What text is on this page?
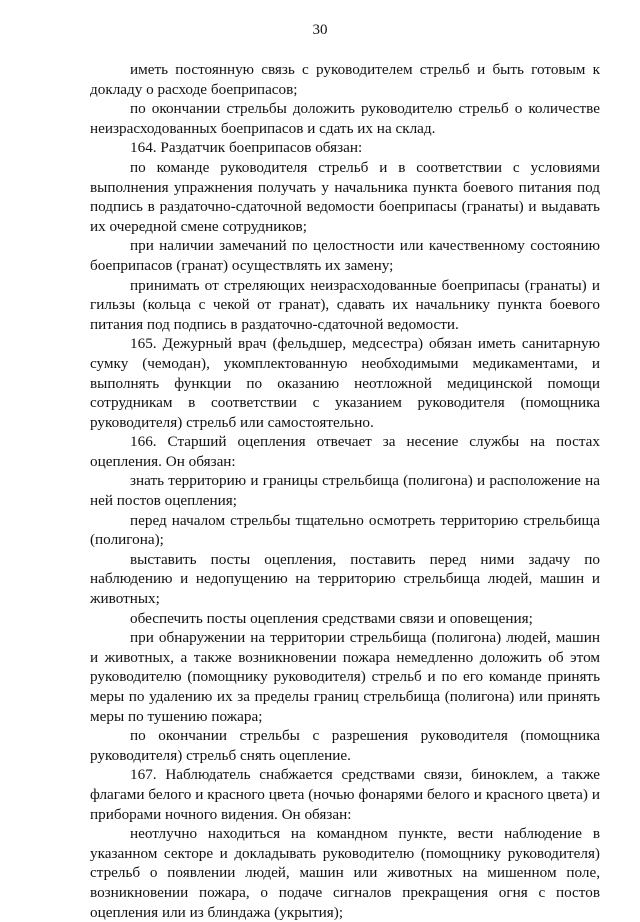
30

иметь постоянную связь с руководителем стрельб и быть готовым к докладу о расходе боеприпасов;

по окончании стрельбы доложить руководителю стрельб о количестве неизрасходованных боеприпасов и сдать их на склад.

164. Раздатчик боеприпасов обязан:

по команде руководителя стрельб и в соответствии с условиями выполнения упражнения получать у начальника пункта боевого питания под подпись в раздаточно-сдаточной ведомости боеприпасы (гранаты) и выдавать их очередной смене сотрудников;

при наличии замечаний по целостности или качественному состоянию боеприпасов (гранат) осуществлять их замену;

принимать от стреляющих неизрасходованные боеприпасы (гранаты) и гильзы (кольца с чекой от гранат), сдавать их начальнику пункта боевого питания под подпись в раздаточно-сдаточной ведомости.

165. Дежурный врач (фельдшер, медсестра) обязан иметь санитарную сумку (чемодан), укомплектованную необходимыми медикаментами, и выполнять функции по оказанию неотложной медицинской помощи сотрудникам в соответствии с указанием руководителя (помощника руководителя) стрельб или самостоятельно.

166. Старший оцепления отвечает за несение службы на постах оцепления. Он обязан:

знать территорию и границы стрельбища (полигона) и расположение на ней постов оцепления;

перед началом стрельбы тщательно осмотреть территорию стрельбища (полигона);

выставить посты оцепления, поставить перед ними задачу по наблюдению и недопущению на территорию стрельбища людей, машин и животных;

обеспечить посты оцепления средствами связи и оповещения;

при обнаружении на территории стрельбища (полигона) людей, машин и животных, а также возникновении пожара немедленно доложить об этом руководителю (помощнику руководителя) стрельб и по его команде принять меры по удалению их за пределы границ стрельбища (полигона) или принять меры по тушению пожара;

по окончании стрельбы с разрешения руководителя (помощника руководителя) стрельб снять оцепление.

167. Наблюдатель снабжается средствами связи, биноклем, а также флагами белого и красного цвета (ночью фонарями белого и красного цвета) и приборами ночного видения. Он обязан:

неотлучно находиться на командном пункте, вести наблюдение в указанном секторе и докладывать руководителю (помощнику руководителя) стрельб о появлении людей, машин или животных на мишенном поле, возникновении пожара, о подаче сигналов прекращения огня с постов оцепления или из блиндажа (укрытия);
